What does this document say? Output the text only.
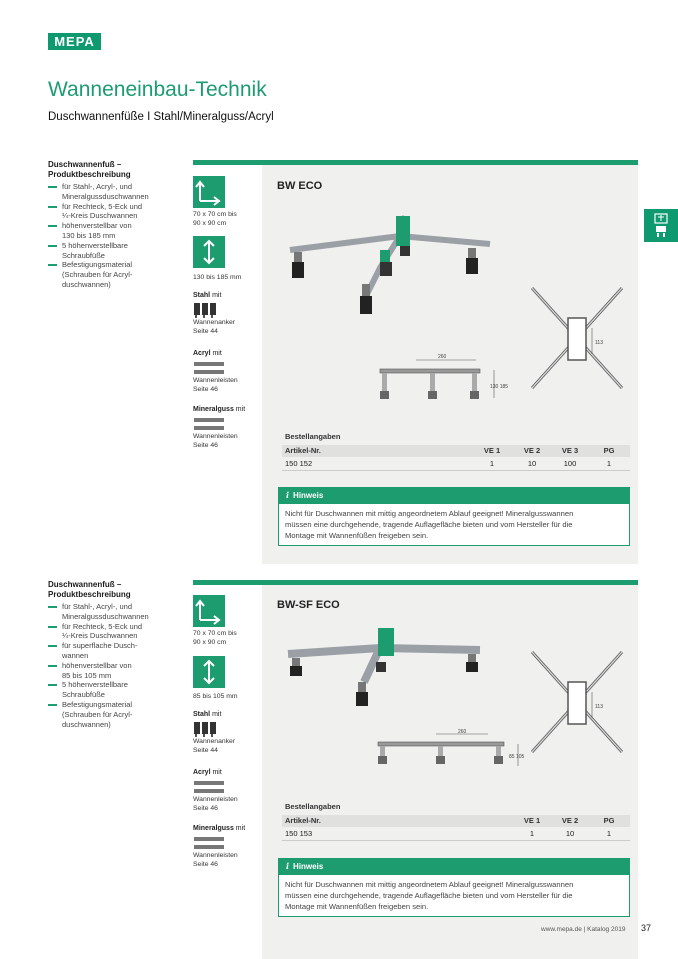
MEPA
Wanneneinbau-Technik
Duschwannenfüße I Stahl/Mineralguss/Acryl
Duschwannenfuß –
Produktbeschreibung
für Stahl-, Acryl-, und
Mineralgussduschwannen
für Rechteck, 5-Eck und
¼-Kreis Duschwannen
höhenverstellbar von
130 bis 185 mm
5 höhenverstellbare
Schraubfüße
Befestigungsmaterial
(Schrauben für Acryl-
duschwannen)
70 x 70 cm bis
90 x 90 cm
130 bis 185 mm
Stahl mit
Wannenanker
Seite 44
Acryl mit
Wannenleisten
Seite 46
Mineralguss mit
Wannenleisten
Seite 46
BW ECO
113
260
130 185
Bestellangaben
Artikel-Nr.	VE 1	VE 2	VE 3	PG
150 152	1	10	100	1
i Hinweis
Nicht für Duschwannen mit mittig angeordnetem Ablauf geeignet! Mineralgusswannen
müssen eine durchgehende, tragende Auflagefläche bieten und vom Hersteller für die
Montage mit Wannenfüßen freigeben sein.
Duschwannenfuß –
Produktbeschreibung
für Stahl-, Acryl-, und
Mineralgussduschwannen
für Rechteck, 5-Eck und
¼-Kreis Duschwannen
für superflache Dusch-
wannen
höhenverstellbar von
85 bis 105 mm
5 höhenverstellbare
Schraubfüße
Befestigungsmaterial
(Schrauben für Acryl-
duschwannen)
70 x 70 cm bis
90 x 90 cm
85 bis 105 mm
Stahl mit
Wannenanker
Seite 44
Acryl mit
Wannenleisten
Seite 46
Mineralguss mit
Wannenleisten
Seite 46
BW-SF ECO
113
260
85 105
Bestellangaben
Artikel-Nr.	VE 1	VE 2	PG
150 153	1	10	1
i Hinweis
Nicht für Duschwannen mit mittig angeordnetem Ablauf geeignet! Mineralgusswannen
müssen eine durchgehende, tragende Auflagefläche bieten und vom Hersteller für die
Montage mit Wannenfüßen freigeben sein.
www.mepa.de | Katalog 2019 37
